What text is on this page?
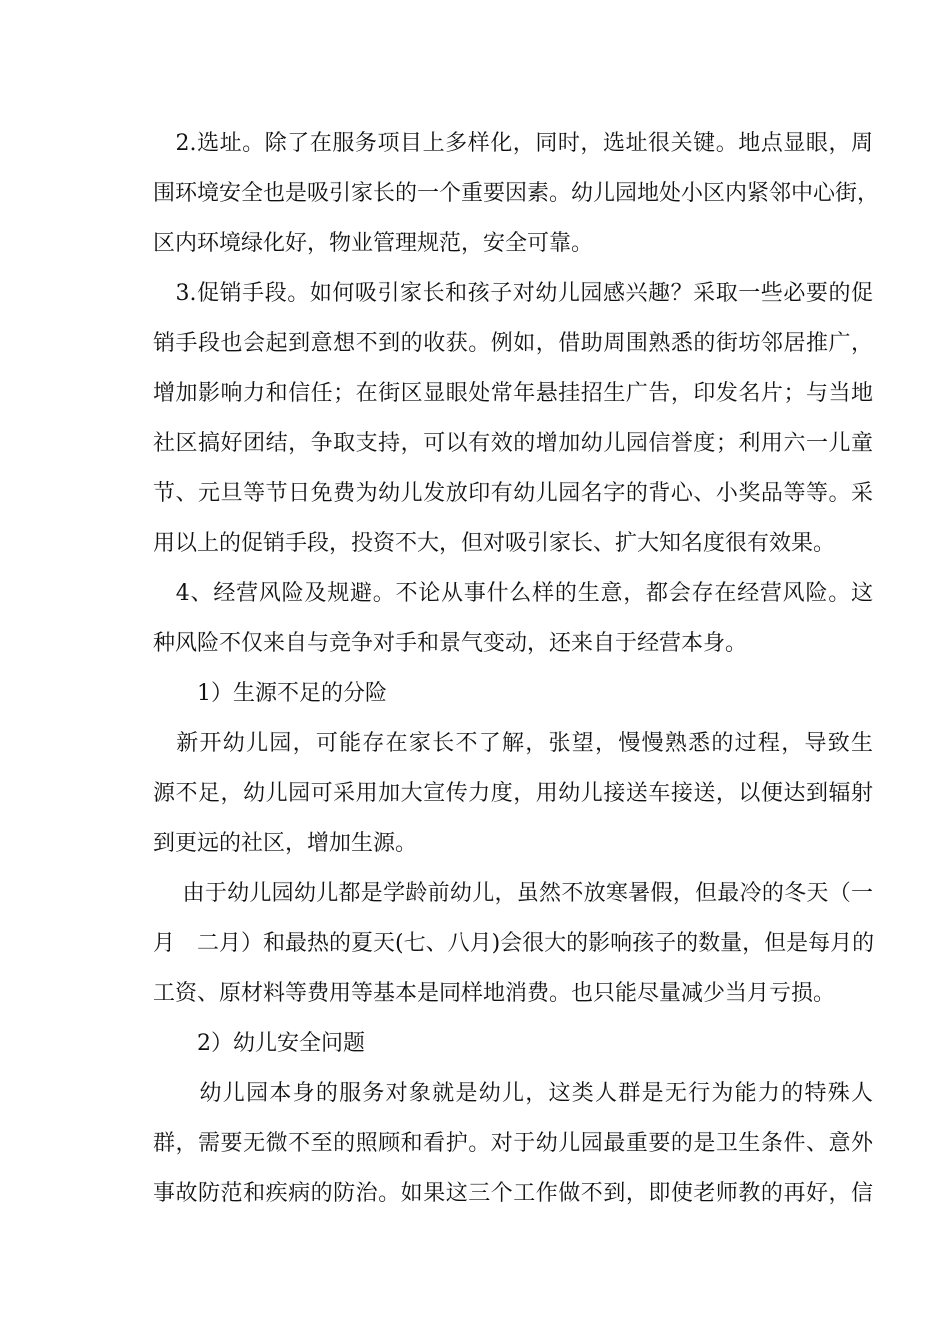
　2.选址。除了在服务项目上多样化，同时，选址很关键。地点显眼，周
围环境安全也是吸引家长的一个重要因素。幼儿园地处小区内紧邻中心街，
区内环境绿化好，物业管理规范，安全可靠。
　3.促销手段。如何吸引家长和孩子对幼儿园感兴趣？采取一些必要的促
销手段也会起到意想不到的收获。例如，借助周围熟悉的街坊邻居推广，
增加影响力和信任；在街区显眼处常年悬挂招生广告，印发名片；与当地
社区搞好团结，争取支持，可以有效的增加幼儿园信誉度；利用六一儿童
节、元旦等节日免费为幼儿发放印有幼儿园名字的背心、小奖品等等。采
用以上的促销手段，投资不大，但对吸引家长、扩大知名度很有效果。
　4、经营风险及规避。不论从事什么样的生意，都会存在经营风险。这
种风险不仅来自与竞争对手和景气变动，还来自于经营本身。
　　1）生源不足的分险
　新开幼儿园，可能存在家长不了解，张望，慢慢熟悉的过程，导致生
源不足，幼儿园可采用加大宣传力度，用幼儿接送车接送，以便达到辐射
到更远的社区，增加生源。
　 由于幼儿园幼儿都是学龄前幼儿，虽然不放寒暑假，但最冷的冬天（一
月　二月）和最热的夏天(七、八月)会很大的影响孩子的数量，但是每月的
工资、原材料等费用等基本是同样地消费。也只能尽量减少当月亏损。
　　2）幼儿安全问题
　　幼儿园本身的服务对象就是幼儿，这类人群是无行为能力的特殊人
群，需要无微不至的照顾和看护。对于幼儿园最重要的是卫生条件、意外
事故防范和疾病的防治。如果这三个工作做不到，即使老师教的再好，信
